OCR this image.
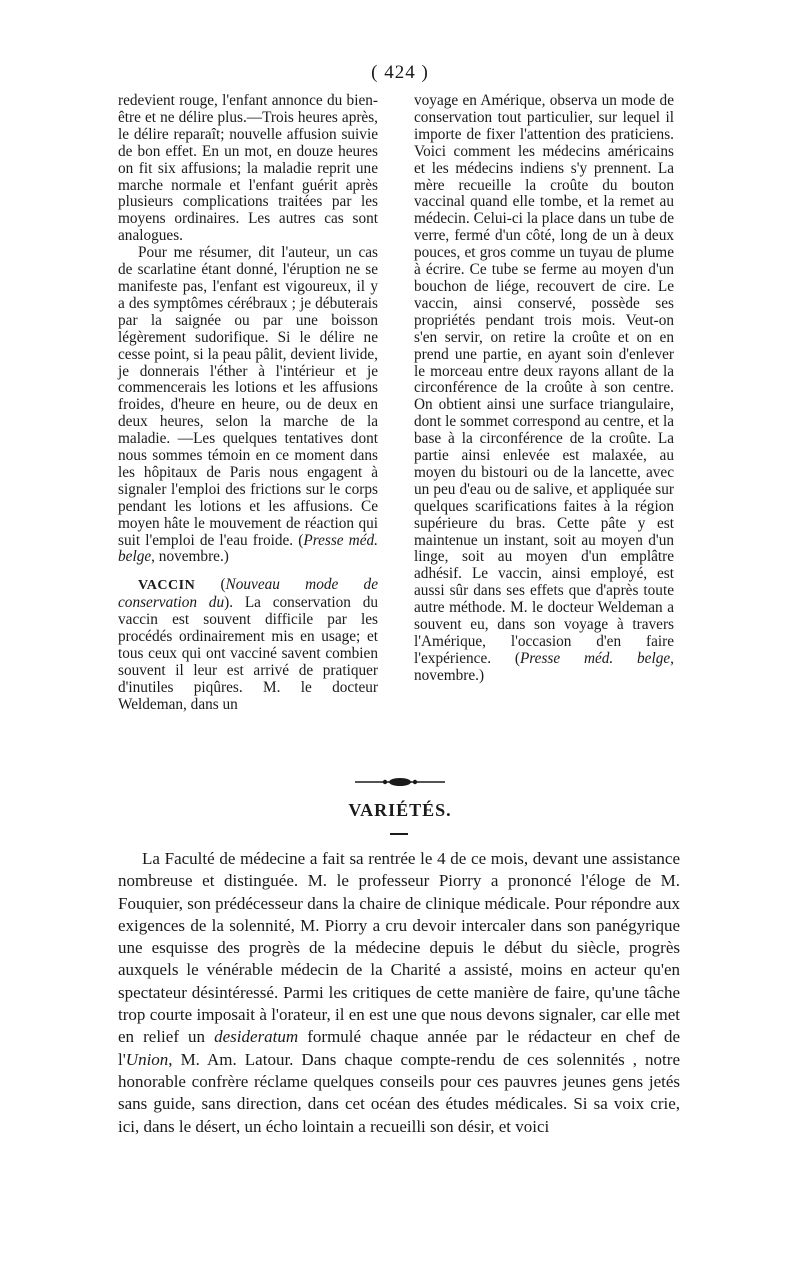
( 424 )

redevient rouge, l'enfant annonce du bien-être et ne délire plus.—Trois heures après, le délire reparaît; nouvelle affusion suivie de bon effet. En un mot, en douze heures on fit six affusions; la maladie reprit une marche normale et l'enfant guérit après plusieurs complications traitées par les moyens ordinaires. Les autres cas sont analogues.

Pour me résumer, dit l'auteur, un cas de scarlatine étant donné, l'éruption ne se manifeste pas, l'enfant est vigoureux, il y a des symptômes cérébraux ; je débuterais par la saignée ou par une boisson légèrement sudorifique. Si le délire ne cesse point, si la peau pâlit, devient livide, je donnerais l'éther à l'intérieur et je commencerais les lotions et les affusions froides, d'heure en heure, ou de deux en deux heures, selon la marche de la maladie. —Les quelques tentatives dont nous sommes témoin en ce moment dans les hôpitaux de Paris nous engagent à signaler l'emploi des frictions sur le corps pendant les lotions et les affusions. Ce moyen hâte le mouvement de réaction qui suit l'emploi de l'eau froide. (Presse méd. belge, novembre.)

VACCIN (Nouveau mode de conservation du). La conservation du vaccin est souvent difficile par les procédés ordinairement mis en usage; et tous ceux qui ont vacciné savent combien souvent il leur est arrivé de pratiquer d'inutiles piqûres. M. le docteur Weldeman, dans un

voyage en Amérique, observa un mode de conservation tout particulier, sur lequel il importe de fixer l'attention des praticiens. Voici comment les médecins américains et les médecins indiens s'y prennent. La mère recueille la croûte du bouton vaccinal quand elle tombe, et la remet au médecin. Celui-ci la place dans un tube de verre, fermé d'un côté, long de un à deux pouces, et gros comme un tuyau de plume à écrire. Ce tube se ferme au moyen d'un bouchon de liége, recouvert de cire. Le vaccin, ainsi conservé, possède ses propriétés pendant trois mois. Veut-on s'en servir, on retire la croûte et on en prend une partie, en ayant soin d'enlever le morceau entre deux rayons allant de la circonférence de la croûte à son centre. On obtient ainsi une surface triangulaire, dont le sommet correspond au centre, et la base à la circonférence de la croûte. La partie ainsi enlevée est malaxée, au moyen du bistouri ou de la lancette, avec un peu d'eau ou de salive, et appliquée sur quelques scarifications faites à la région supérieure du bras. Cette pâte y est maintenue un instant, soit au moyen d'un linge, soit au moyen d'un emplâtre adhésif. Le vaccin, ainsi employé, est aussi sûr dans ses effets que d'après toute autre méthode. M. le docteur Weldeman a souvent eu, dans son voyage à travers l'Amérique, l'occasion d'en faire l'expérience. (Presse méd. belge, novembre.)

VARIÉTÉS.

La Faculté de médecine a fait sa rentrée le 4 de ce mois, devant une assistance nombreuse et distinguée. M. le professeur Piorry a prononcé l'éloge de M. Fouquier, son prédécesseur dans la chaire de clinique médicale. Pour répondre aux exigences de la solennité, M. Piorry a cru devoir intercaler dans son panégyrique une esquisse des progrès de la médecine depuis le début du siècle, progrès auxquels le vénérable médecin de la Charité a assisté, moins en acteur qu'en spectateur désintéressé. Parmi les critiques de cette manière de faire, qu'une tâche trop courte imposait à l'orateur, il en est une que nous devons signaler, car elle met en relief un desideratum formulé chaque année par le rédacteur en chef de l'Union, M. Am. Latour. Dans chaque compte-rendu de ces solennités , notre honorable confrère réclame quelques conseils pour ces pauvres jeunes gens jetés sans guide, sans direction, dans cet océan des études médicales. Si sa voix crie, ici, dans le désert, un écho lointain a recueilli son désir, et voici
